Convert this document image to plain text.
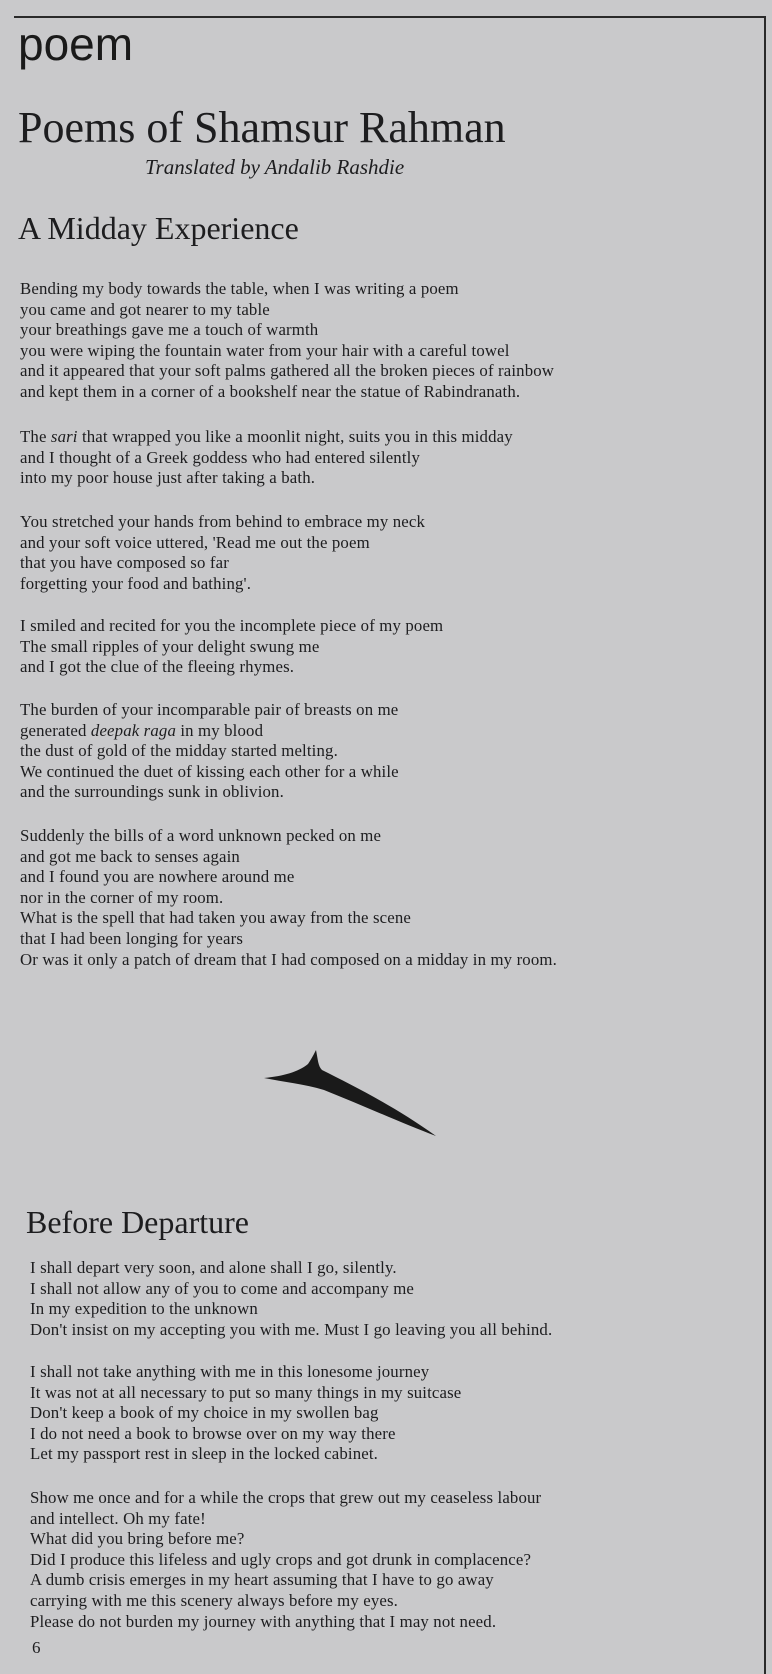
poem
Poems of Shamsur Rahman
Translated by Andalib Rashdie
A Midday Experience
Bending my body towards the table, when I was writing a poem
you came and got nearer to my table
your breathings gave me a touch of warmth
you were wiping the fountain water from your hair with a careful towel
and it appeared that your soft palms gathered all the broken pieces of rainbow
and kept them in a corner of a bookshelf near the statue of Rabindranath.
The sari that wrapped you like a moonlit night, suits you in this midday
and I thought of a Greek goddess who had entered silently
into my poor house just after taking a bath.
You stretched your hands from behind to embrace my neck
and your soft voice uttered, 'Read me out the poem
that you have composed so far
forgetting your food and bathing'.
I smiled and recited for you the incomplete piece of my poem
The small ripples of your delight swung me
and I got the clue of the fleeing rhymes.
The burden of your incomparable pair of breasts on me
generated deepak raga in my blood
the dust of gold of the midday started melting.
We continued the duet of kissing each other for a while
and the surroundings sunk in oblivion.
Suddenly the bills of a word unknown pecked on me
and got me back to senses again
and I found you are nowhere around me
nor in the corner of my room.
What is the spell that had taken you away from the scene
that I had been longing for years
Or was it only a patch of dream that I had composed on a midday in my room.
Before Departure
I shall depart very soon, and alone shall I go, silently.
I shall not allow any of you to come and accompany me
In my expedition to the unknown
Don't insist on my accepting you with me. Must I go leaving you all behind.
I shall not take anything with me in this lonesome journey
It was not at all necessary to put so many things in my suitcase
Don't keep a book of my choice in my swollen bag
I do not need a book to browse over on my way there
Let my passport rest in sleep in the locked cabinet.
Show me once and for a while the crops that grew out my ceaseless labour
and intellect. Oh my fate!
What did you bring before me?
Did I produce this lifeless and ugly crops and got drunk in complacence?
A dumb crisis emerges in my heart assuming that I have to go away
carrying with me this scenery always before my eyes.
Please do not burden my journey with anything that I may not need.
6
